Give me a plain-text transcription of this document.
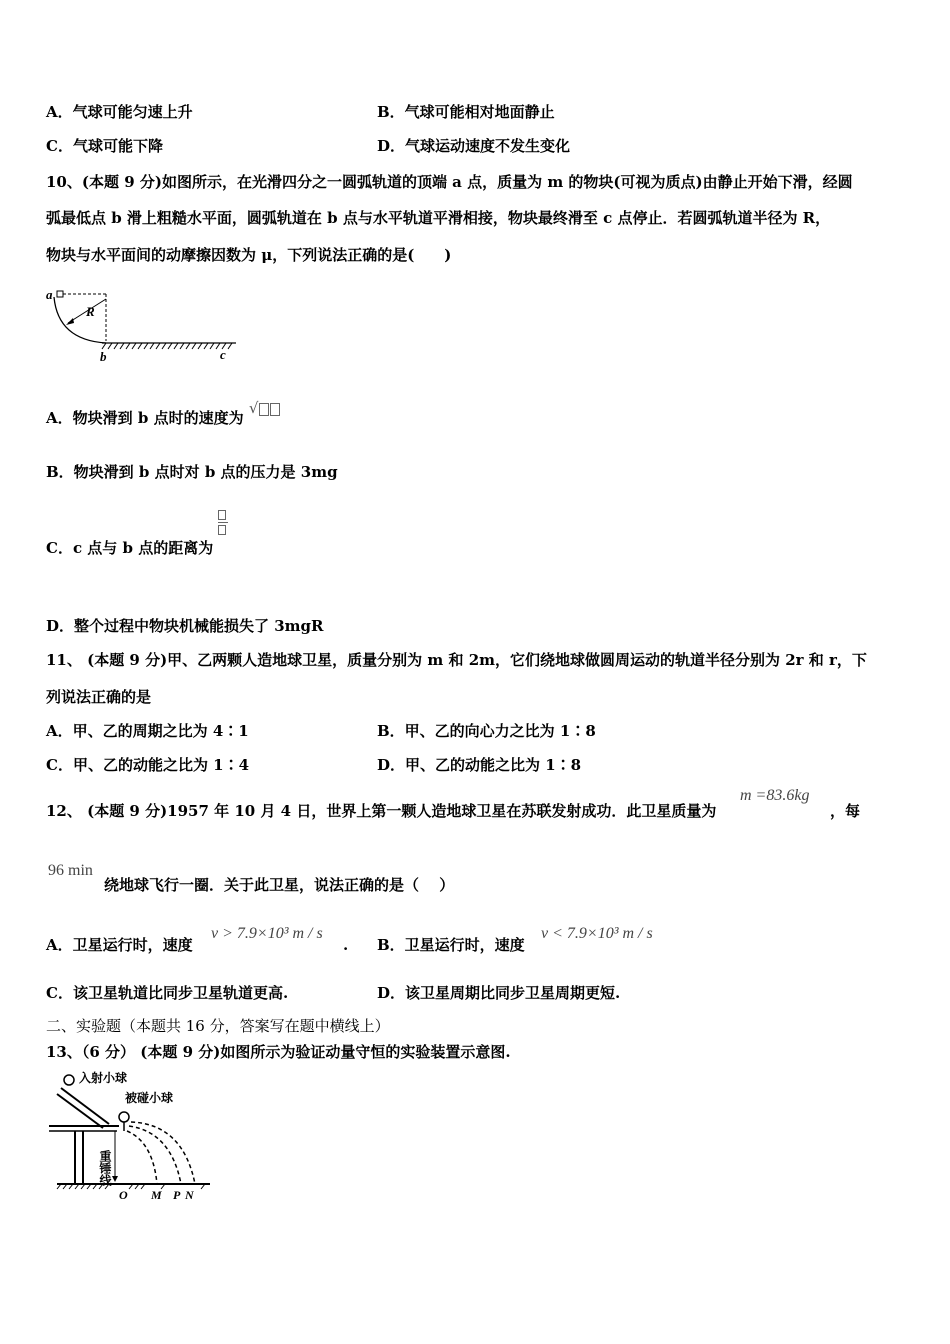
A．气球可能匀速上升	B．气球可能相对地面静止
C．气球可能下降	D．气球运动速度不发生变化
10、(本题 9 分)如图所示，在光滑四分之一圆弧轨道的顶端 a 点，质量为 m 的物块(可视为质点)由静止开始下滑，经圆
弧最低点 b 滑上粗糙水平面，圆弧轨道在 b 点与水平轨道平滑相接，物块最终滑至 c 点停止．若圆弧轨道半径为 R，
物块与水平面间的动摩擦因数为 μ，下列说法正确的是(　　)
a
R
b	c
A．物块滑到 b 点时的速度为 √
B．物块滑到 b 点时对 b 点的压力是 3mg
C．c 点与 b 点的距离为
D．整个过程中物块机械能损失了 3mgR
11、 (本题 9 分)甲、乙两颗人造地球卫星，质量分别为 m 和 2m，它们绕地球做圆周运动的轨道半径分别为 2r 和 r，下
列说法正确的是
A．甲、乙的周期之比为 4∶1	B．甲、乙的向心力之比为 1∶8
C．甲、乙的动能之比为 1∶4	D．甲、乙的动能之比为 1∶8
12、 (本题 9 分)1957 年 10 月 4 日，世界上第一颗人造地球卫星在苏联发射成功．此卫星质量为
m =83.6kg
，每
96 min
绕地球飞行一圈．关于此卫星，说法正确的是（　 ）
A．卫星运行时，速度
v > 7.9×10³ m / s
. B．卫星运行时，速度
v < 7.9×10³ m / s
C．该卫星轨道比同步卫星轨道更高.	D．该卫星周期比同步卫星周期更短.
二、实验题（本题共 16 分，答案写在题中横线上）
13、（6 分） (本题 9 分)如图所示为验证动量守恒的实验装置示意图.
入射小球
被碰小球
重锤线
O M P N
